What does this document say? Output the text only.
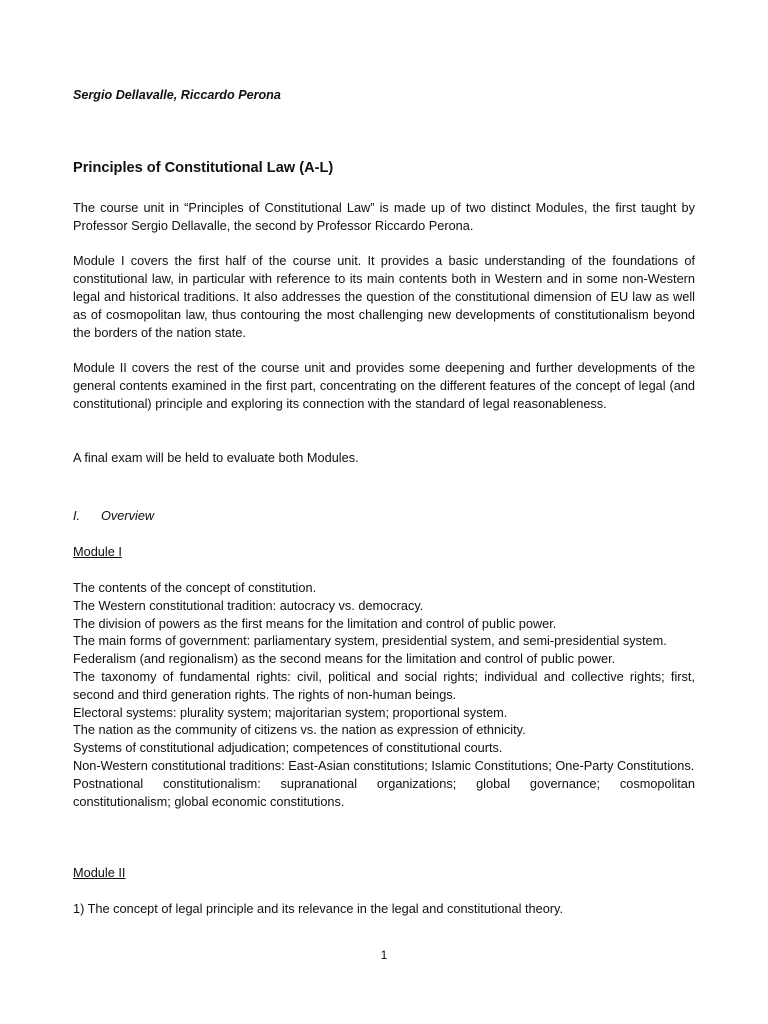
Sergio Dellavalle, Riccardo Perona
Principles of Constitutional Law (A-L)

The course unit in “Principles of Constitutional Law” is made up of two distinct Modules, the first taught by Professor Sergio Dellavalle, the second by Professor Riccardo Perona.

Module I covers the first half of the course unit. It provides a basic understanding of the foundations of constitutional law, in particular with reference to its main contents both in Western and in some non-Western legal and historical traditions. It also addresses the question of the constitutional dimension of EU law as well as of cosmopolitan law, thus contouring the most challenging new developments of constitutionalism beyond the borders of the nation state.

Module II covers the rest of the course unit and provides some deepening and further developments of the general contents examined in the first part, concentrating on the different features of the concept of legal (and constitutional) principle and exploring its connection with the standard of legal reasonableness.

A final exam will be held to evaluate both Modules.

I. Overview
Module I
The contents of the concept of constitution.
The Western constitutional tradition: autocracy vs. democracy.
The division of powers as the first means for the limitation and control of public power.
The main forms of government: parliamentary system, presidential system, and semi-presidential system.
Federalism (and regionalism) as the second means for the limitation and control of public power.
The taxonomy of fundamental rights: civil, political and social rights; individual and collective rights; first, second and third generation rights. The rights of non-human beings.
Electoral systems: plurality system; majoritarian system; proportional system.
The nation as the community of citizens vs. the nation as expression of ethnicity.
Systems of constitutional adjudication; competences of constitutional courts.
Non-Western constitutional traditions: East-Asian constitutions; Islamic Constitutions; One-Party Constitutions.
Postnational constitutionalism: supranational organizations; global governance; cosmopolitan constitutionalism; global economic constitutions.
Module II

1) The concept of legal principle and its relevance in the legal and constitutional theory.

1
